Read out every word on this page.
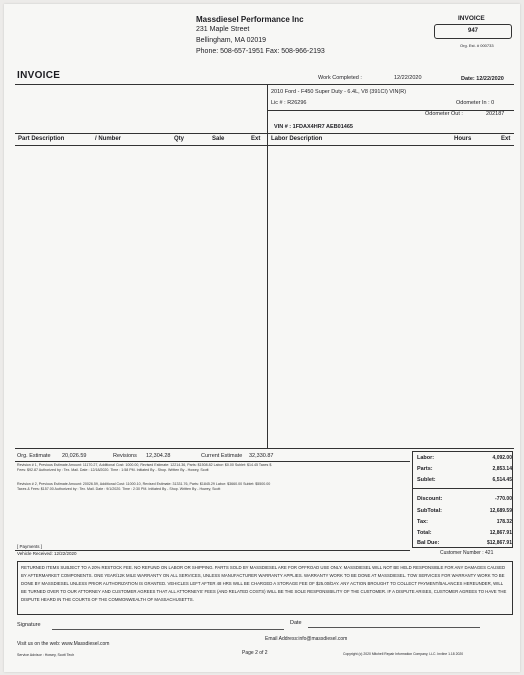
Massdiesel Performance Inc
231 Maple Street
Bellingham, MA 02019
Phone: 508-657-1951 Fax: 508-966-2193
INVOICE
947
Org. Est. # 000733
INVOICE	Work Completed :	12/22/2020	Date: 12/22/2020
2010 Ford - F450 Super Duty - 6.4L, V8 (391CI) VIN(R)
Lic # : R26296	Odometer In : 0
Odometer Out :	202187
VIN # : 1FDAX4HR7 AEB01465
Part Description	/ Number	Qty	Sale	Ext Labor Description	Hours	Ext
Org. Estimate 20,026.59	Revisions 12,304.28	Current Estimate 32,330.87
Revision # 1, Previous Estimate Amount: 11170.27, Additional Cost: 1000.00, Revised Estimate: 12214.36, Parts: $1508.82 Labor: $0.00 Sublet: $14.45 Taxes $
Fees: $92.87 Authorized by : Tex. Mail. Date : 12/18/2020. Time : 1:58 PM. Initiated By - Shop. Written By - Howey, Scott
Revision # 2, Previous Estimate Amount: 20026.59, Additional Cost: 11000.10, Revised Estimate: 31331.76, Parts: $1845.29 Labor: $3660.00 Sublet: $5500.00
Taxes & Fees: $157.00 Authorized by : Tex. Mail. Date : 9/1/2020. Time : 2:30 PM. Initiated By - Shop. Written By - Howey, Scott
Labor:	4,092.00
Parts:	2,853.14
Sublet:	6,514.45
Discount:	-770.00
SubTotal:	12,689.59
Tax:	178.32
Total:	12,867.91
Bal Due:	$12,867.91
[ Payments ]
Vehicle Received: 12/22/2020	Customer Number : 421
RETURNED ITEMS SUBJECT TO A 20% RESTOCK FEE. NO REFUND ON LABOR OR SHIPPING. PARTS SOLD BY MASSDIESEL ARE FOR OFFROAD USE ONLY. MASSDIESEL WILL NOT BE HELD RESPONSIBLE FOR ANY DAMAGES CAUSED BY AFTERMARKET COMPONENTS. ONE YEAR/12K MILE WARRANTY ON ALL SERVICES, UNLESS MANUFACTURER WARRANTY APPLIES. WARRANTY WORK TO BE DONE AT MASSDIESEL. TOW SERVICES FOR WARRANTY WORK TO BE DONE BY MASSDIESEL UNLESS PRIOR AUTHORIZATION IS GRANTED. VEHICLES LEFT AFTER 48 HRS WILL BE CHARGED A STORAGE FEE OF $25.00/DAY. ANY ACTION BROUGHT TO COLLECT PAYMENT/BALANCES HEREUNDER, WILL BE TURNED OVER TO OUR ATTORNEY AND CUSTOMER AGREES THAT ALL ATTORNEYS' FEES (AND RELATED COSTS) WILL BE THE SOLE RESPONSIBILITY OF THE CUSTOMER. IF A DISPUTE ARISES, CUSTOMER AGREES TO HAVE THE DISPUTE HEARD IN THE COURTS OF THE COMMONWEALTH OF MASSACHUSETTS.
Signature	Date
Visit us on the web: www.Massdiesel.com
Email Address:info@massdiesel.com
Service Advisor : Howey, Scott Tech	Page 2 of 2	Copyright (c) 2020 Mitchell Repair Information Company, LLC. Invline 1.18 2020
